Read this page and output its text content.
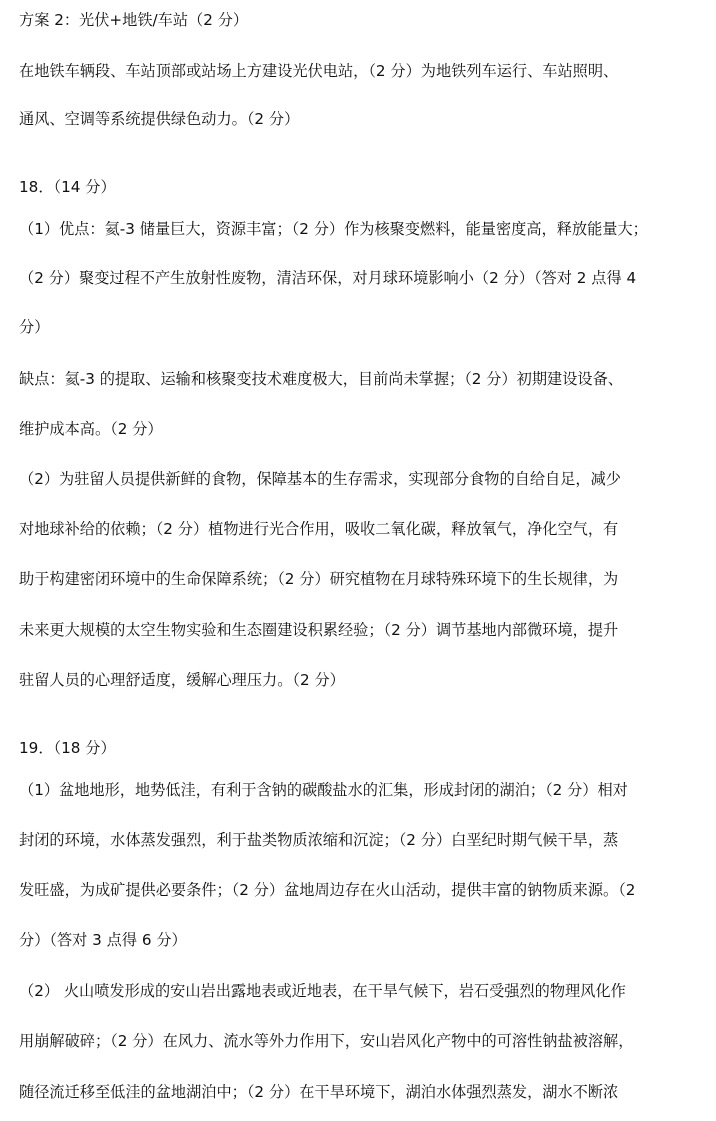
方案 2：光伏+地铁/车站（2 分）
在地铁车辆段、车站顶部或站场上方建设光伏电站，（2 分）为地铁列车运行、车站照明、
通风、空调等系统提供绿色动力。（2 分）
18．（14 分）
（1）优点：氦-3 储量巨大，资源丰富；（2 分）作为核聚变燃料，能量密度高，释放能量大；
（2 分）聚变过程不产生放射性废物，清洁环保，对月球环境影响小（2 分）（答对 2 点得 4
分）
缺点：氦-3 的提取、运输和核聚变技术难度极大，目前尚未掌握；（2 分）初期建设设备、
维护成本高。（2 分）
（2）为驻留人员提供新鲜的食物，保障基本的生存需求，实现部分食物的自给自足，减少
对地球补给的依赖；（2 分）植物进行光合作用，吸收二氧化碳，释放氧气，净化空气，有
助于构建密闭环境中的生命保障系统；（2 分）研究植物在月球特殊环境下的生长规律，为
未来更大规模的太空生物实验和生态圈建设积累经验；（2 分）调节基地内部微环境，提升
驻留人员的心理舒适度，缓解心理压力。（2 分）
19．（18 分）
（1）盆地地形，地势低洼，有利于含钠的碳酸盐水的汇集，形成封闭的湖泊；（2 分）相对
封闭的环境，水体蒸发强烈，利于盐类物质浓缩和沉淀；（2 分）白垩纪时期气候干旱，蒸
发旺盛，为成矿提供必要条件；（2 分）盆地周边存在火山活动，提供丰富的钠物质来源。（2
分）（答对 3 点得 6 分）
（2） 火山喷发形成的安山岩出露地表或近地表，在干旱气候下，岩石受强烈的物理风化作
用崩解破碎；（2 分）在风力、流水等外力作用下，安山岩风化产物中的可溶性钠盐被溶解，
随径流迁移至低洼的盆地湖泊中；（2 分）在干旱环境下，湖泊水体强烈蒸发，湖水不断浓
